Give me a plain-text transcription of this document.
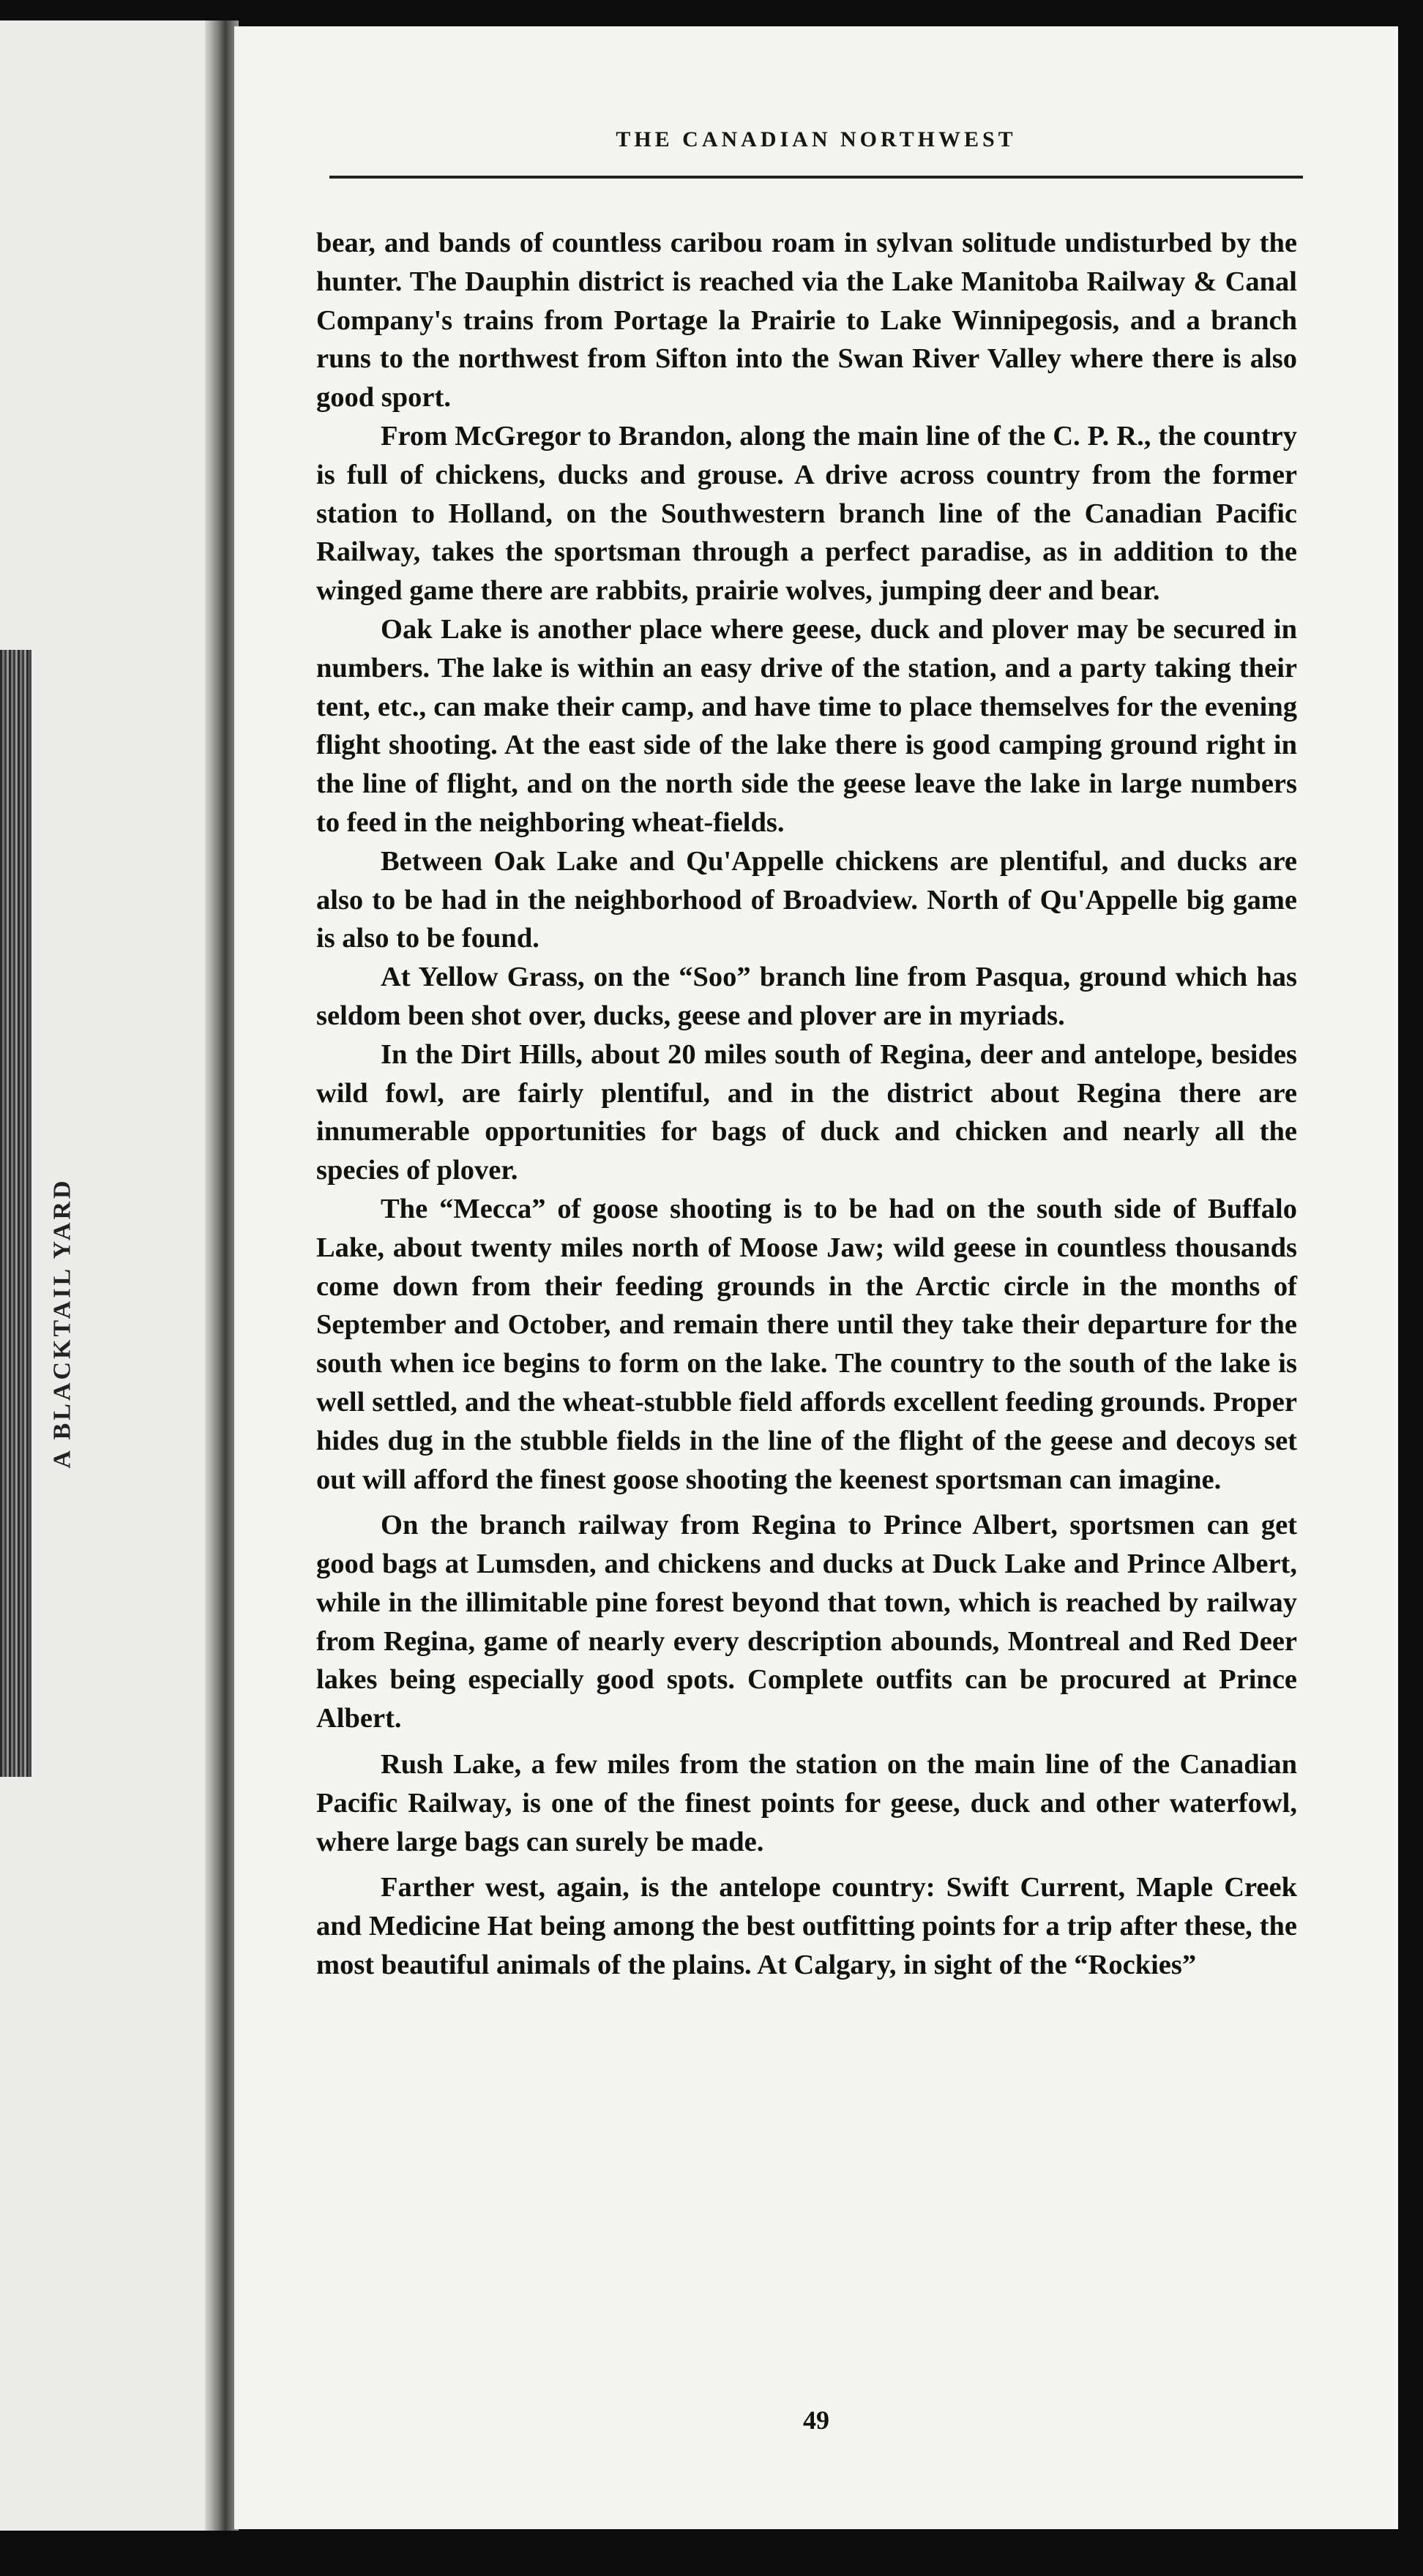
A BLACKTAIL YARD
THE CANADIAN NORTHWEST

bear, and bands of countless caribou roam in sylvan solitude undisturbed by the hunter. The Dauphin district is reached via the Lake Manitoba Railway & Canal Company's trains from Portage la Prairie to Lake Winnipegosis, and a branch runs to the northwest from Sifton into the Swan River Valley where there is also good sport.

From McGregor to Brandon, along the main line of the C. P. R., the country is full of chickens, ducks and grouse. A drive across country from the former station to Holland, on the Southwestern branch line of the Canadian Pacific Railway, takes the sportsman through a perfect paradise, as in addition to the winged game there are rabbits, prairie wolves, jumping deer and bear.

Oak Lake is another place where geese, duck and plover may be secured in numbers. The lake is within an easy drive of the station, and a party taking their tent, etc., can make their camp, and have time to place themselves for the evening flight shooting. At the east side of the lake there is good camping ground right in the line of flight, and on the north side the geese leave the lake in large numbers to feed in the neighboring wheat-fields.

Between Oak Lake and Qu'Appelle chickens are plentiful, and ducks are also to be had in the neighborhood of Broadview. North of Qu'Appelle big game is also to be found.

At Yellow Grass, on the “Soo” branch line from Pasqua, ground which has seldom been shot over, ducks, geese and plover are in myriads.

In the Dirt Hills, about 20 miles south of Regina, deer and antelope, besides wild fowl, are fairly plentiful, and in the district about Regina there are innumerable opportunities for bags of duck and chicken and nearly all the species of plover.

The “Mecca” of goose shooting is to be had on the south side of Buffalo Lake, about twenty miles north of Moose Jaw; wild geese in countless thousands come down from their feeding grounds in the Arctic circle in the months of September and October, and remain there until they take their departure for the south when ice begins to form on the lake. The country to the south of the lake is well settled, and the wheat-stubble field affords excellent feeding grounds. Proper hides dug in the stubble fields in the line of the flight of the geese and decoys set out will afford the finest goose shooting the keenest sportsman can imagine.

On the branch railway from Regina to Prince Albert, sportsmen can get good bags at Lumsden, and chickens and ducks at Duck Lake and Prince Albert, while in the illimitable pine forest beyond that town, which is reached by railway from Regina, game of nearly every description abounds, Montreal and Red Deer lakes being especially good spots. Complete outfits can be procured at Prince Albert.

Rush Lake, a few miles from the station on the main line of the Canadian Pacific Railway, is one of the finest points for geese, duck and other waterfowl, where large bags can surely be made.

Farther west, again, is the antelope country: Swift Current, Maple Creek and Medicine Hat being among the best outfitting points for a trip after these, the most beautiful animals of the plains. At Calgary, in sight of the “Rockies”

49
